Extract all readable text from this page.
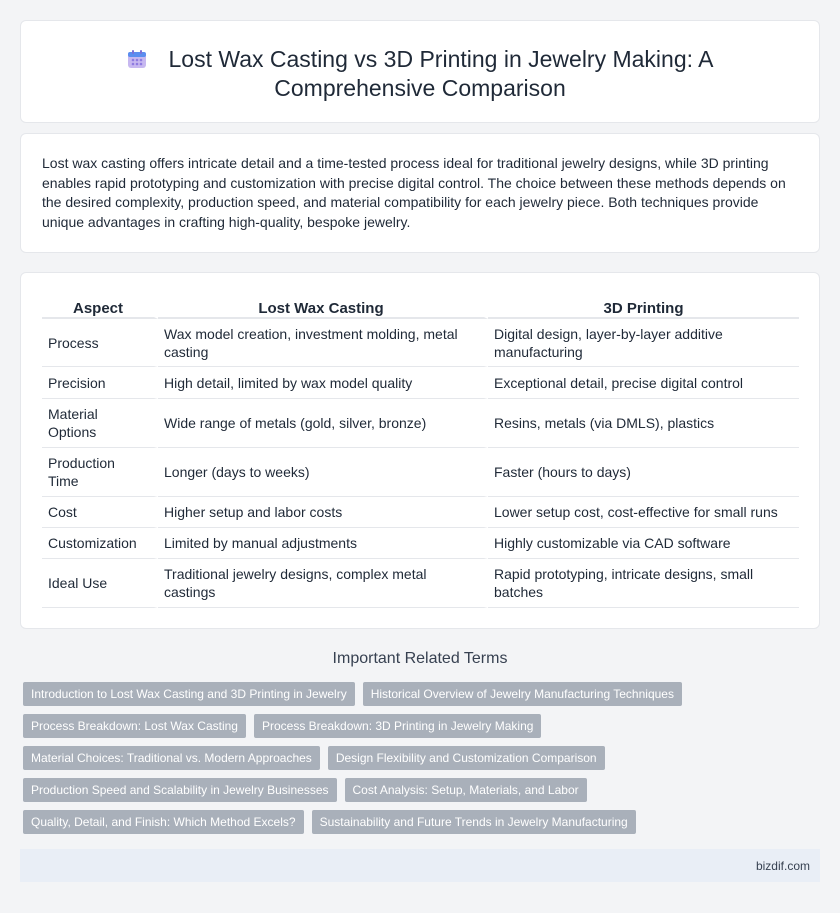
Lost Wax Casting vs 3D Printing in Jewelry Making: A
Comprehensive Comparison

Lost wax casting offers intricate detail and a time-tested process ideal for traditional jewelry designs, while 3D printing enables rapid prototyping and customization with precise digital control. The choice between these methods depends on the desired complexity, production speed, and material compatibility for each jewelry piece. Both techniques provide unique advantages in crafting high-quality, bespoke jewelry.

Aspect	Lost Wax Casting	3D Printing
Process	Wax model creation, investment molding, metal casting	Digital design, layer-by-layer additive manufacturing
Precision	High detail, limited by wax model quality	Exceptional detail, precise digital control
Material Options	Wide range of metals (gold, silver, bronze)	Resins, metals (via DMLS), plastics
Production Time	Longer (days to weeks)	Faster (hours to days)
Cost	Higher setup and labor costs	Lower setup cost, cost-effective for small runs
Customization	Limited by manual adjustments	Highly customizable via CAD software
Ideal Use	Traditional jewelry designs, complex metal castings	Rapid prototyping, intricate designs, small batches
Important Related Terms
Introduction to Lost Wax Casting and 3D Printing in Jewelry	Historical Overview of Jewelry Manufacturing Techniques
Process Breakdown: Lost Wax Casting	Process Breakdown: 3D Printing in Jewelry Making
Material Choices: Traditional vs. Modern Approaches	Design Flexibility and Customization Comparison
Production Speed and Scalability in Jewelry Businesses	Cost Analysis: Setup, Materials, and Labor
Quality, Detail, and Finish: Which Method Excels?	Sustainability and Future Trends in Jewelry Manufacturing
bizdif.com
